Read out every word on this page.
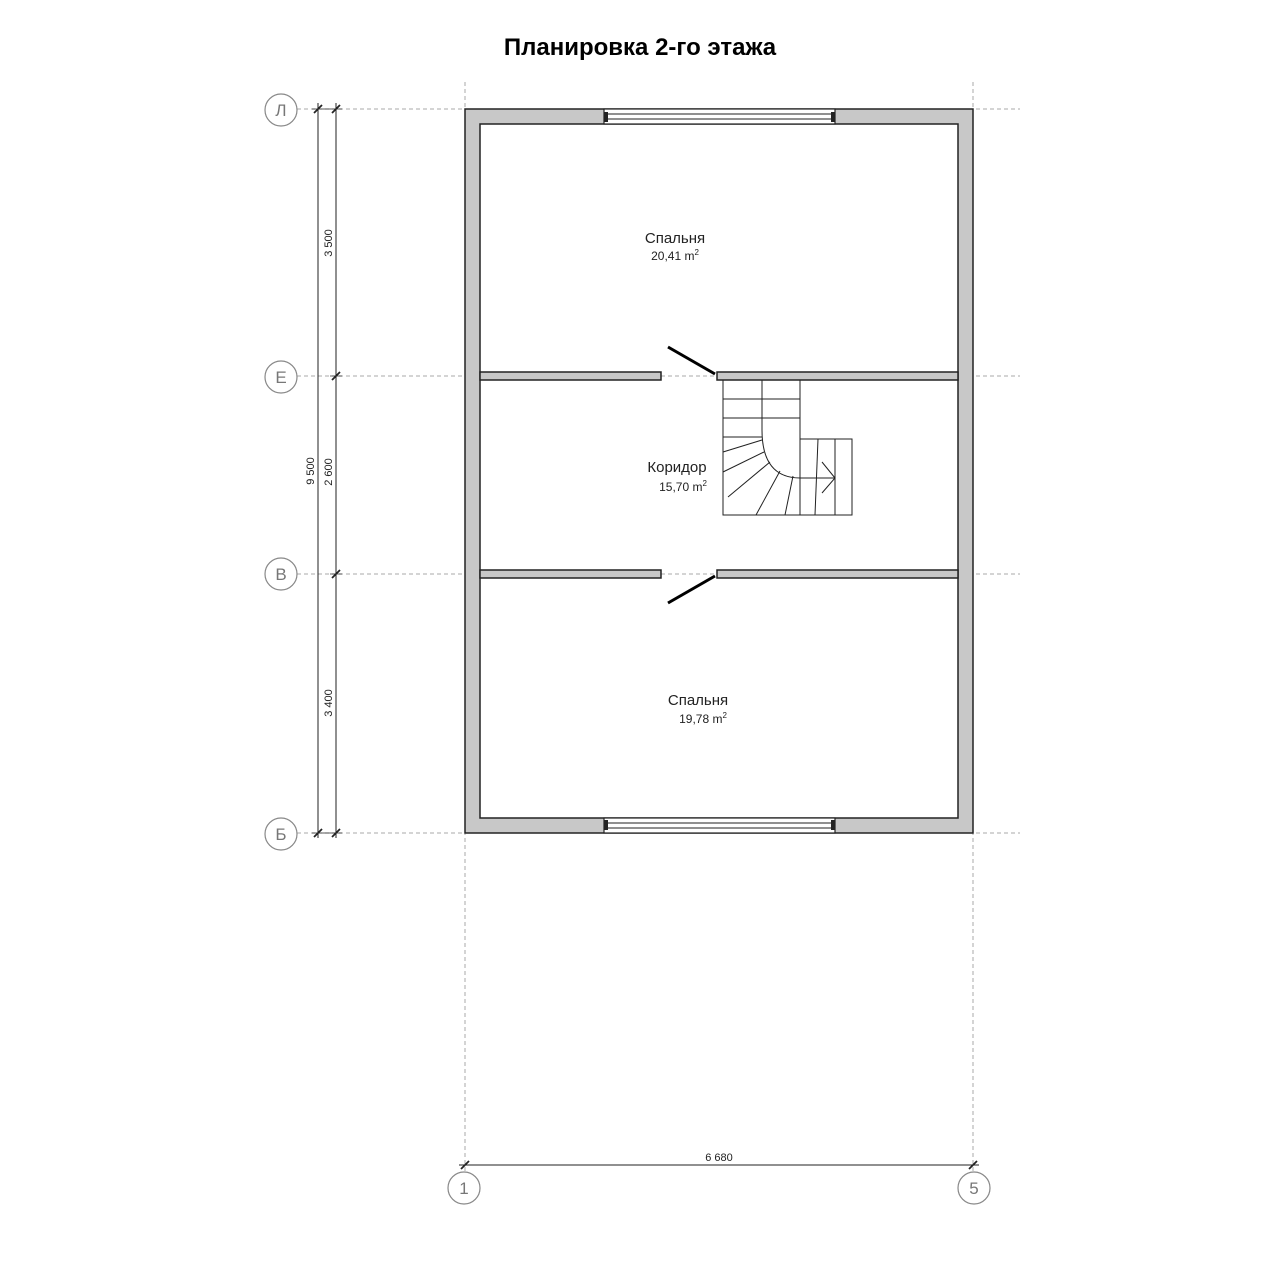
Планировка 2-го этажа
Спальня
20,41 $m^2$
Коридор
15,70 $m^2$
Спальня
19,78 $m^2$
9 500
3 500
2 600
3 400
6 680
Л
Е
В
Б
1	5
